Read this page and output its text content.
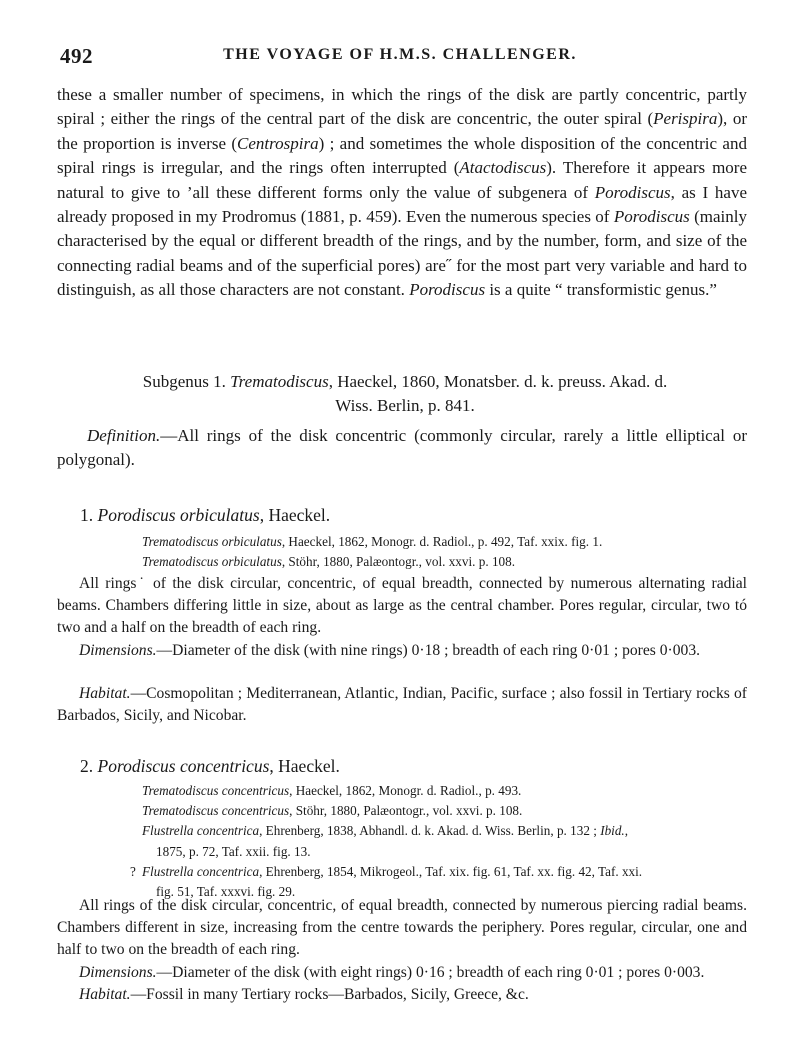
492	THE VOYAGE OF H.M.S. CHALLENGER.
these a smaller number of specimens, in which the rings of the disk are partly concentric, partly spiral ; either the rings of the central part of the disk are concentric, the outer spiral (Perispira), or the proportion is inverse (Centrospira) ; and sometimes the whole disposition of the concentric and spiral rings is irregular, and the rings often interrupted (Atactodiscus). Therefore it appears more natural to give to ’all these different forms only the value of subgenera of Porodiscus, as I have already proposed in my Prodromus (1881, p. 459). Even the numerous species of Porodiscus (mainly characterised by the equal or different breadth of the rings, and by the number, form, and size of the connecting radial beams and of the superficial pores) are˝ for the most part very variable and hard to distinguish, as all those characters are not constant. Porodiscus is a quite “ transformistic genus.”
Subgenus 1. Trematodiscus, Haeckel, 1860, Monatsber. d. k. preuss. Akad. d.
Wiss. Berlin, p. 841.
Definition.—All rings of the disk concentric (commonly circular, rarely a little elliptical or polygonal).
1. Porodiscus orbiculatus, Haeckel.
Trematodiscus orbiculatus, Haeckel, 1862, Monogr. d. Radiol., p. 492, Taf. xxix. fig. 1.
Trematodiscus orbiculatus, Stöhr, 1880, Palæontogr., vol. xxvi. p. 108.
All rings˙ of the disk circular, concentric, of equal breadth, connected by numerous alternating radial beams. Chambers differing little in size, about as large as the central chamber. Pores regular, circular, two tó two and a half on the breadth of each ring.
Dimensions.—Diameter of the disk (with nine rings) 0·18 ; breadth of each ring 0·01 ; pores 0·003.
Habitat.—Cosmopolitan ; Mediterranean, Atlantic, Indian, Pacific, surface ; also fossil in Tertiary rocks of Barbados, Sicily, and Nicobar.
2. Porodiscus concentricus, Haeckel.
Trematodiscus concentricus, Haeckel, 1862, Monogr. d. Radiol., p. 493.
Trematodiscus concentricus, Stöhr, 1880, Palæontogr., vol. xxvi. p. 108.
Flustrella concentrica, Ehrenberg, 1838, Abhandl. d. k. Akad. d. Wiss. Berlin, p. 132 ; Ibid.,
1875, p. 72, Taf. xxii. fig. 13.
? Flustrella concentrica, Ehrenberg, 1854, Mikrogeol., Taf. xix. fig. 61, Taf. xx. fig. 42, Taf. xxi.
fig. 51, Taf. xxxvi. fig. 29.
All rings of the disk circular, concentric, of equal breadth, connected by numerous piercing radial beams. Chambers different in size, increasing from the centre towards the periphery. Pores regular, circular, one and half to two on the breadth of each ring.
Dimensions.—Diameter of the disk (with eight rings) 0·16 ; breadth of each ring 0·01 ; pores 0·003.
Habitat.—Fossil in many Tertiary rocks—Barbados, Sicily, Greece, &c.
